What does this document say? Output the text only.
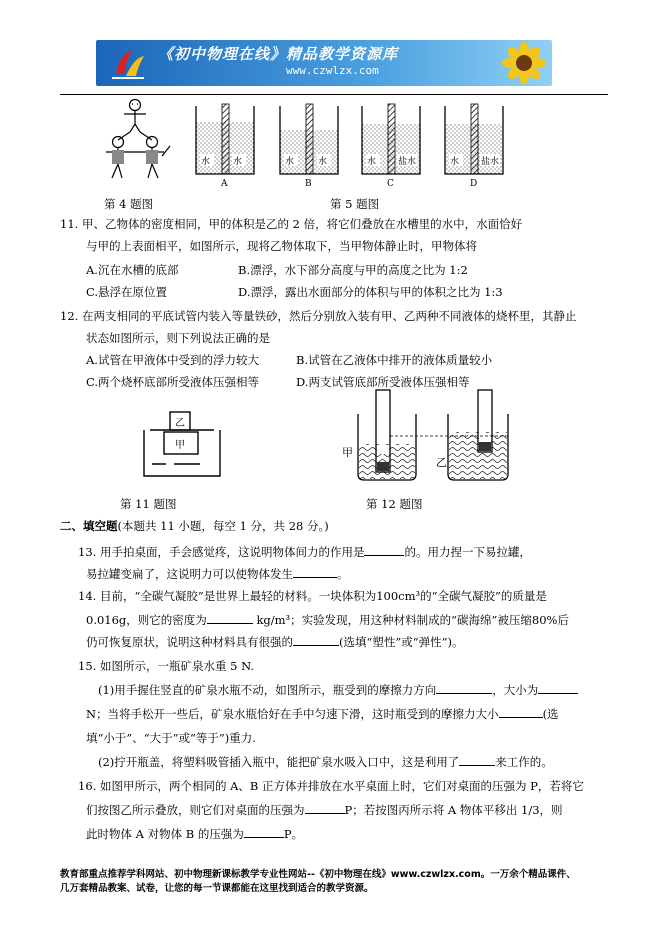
《初中物理在线》精品教学资源库
www.czwlzx.com
水	水	水	水	水 盐水	水 盐水
A	B	C	D
第 4 题图	第 5 题图
11. 甲、乙物体的密度相同，甲的体积是乙的 2 倍，将它们叠放在水槽里的水中，水面恰好
与甲的上表面相平，如图所示，现将乙物体取下，当甲物体静止时，甲物体将
A.沉在水槽的底部	B.漂浮，水下部分高度与甲的高度之比为 1:2
C.悬浮在原位置	D.漂浮，露出水面部分的体积与甲的体积之比为 1:3
12. 在两支相同的平底试管内装入等量铁砂，然后分别放入装有甲、乙两种不同液体的烧杯里，其静止
状态如图所示，则下列说法正确的是
A.试管在甲液体中受到的浮力较大	B.试管在乙液体中排开的液体质量较小
C.两个烧杯底部所受液体压强相等	D.两支试管底部所受液体压强相等
乙
甲
甲
乙
第 11 题图	第 12 题图
二、填空题(本题共 11 小题，每空 1 分，共 28 分。)
13. 用手拍桌面，手会感觉疼，这说明物体间力的作用是	的。用力捏一下易拉罐，
易拉罐变扁了，这说明力可以使物体发生	。
14. 目前，“全碳气凝胶”是世界上最轻的材料。一块体积为100cm³的“全碳气凝胶”的质量是
0.016g，则它的密度为	kg/m³；实验发现，用这种材料制成的“碳海绵”被压缩80%后
仍可恢复原状，说明这种材料具有很强的	(选填“塑性”或“弹性”)。
15. 如图所示，一瓶矿泉水重 5 N.
(1)用手握住竖直的矿泉水瓶不动，如图所示，瓶受到的摩擦力方向	，大小为
N；当将手松开一些后，矿泉水瓶恰好在手中匀速下滑，这时瓶受到的摩擦力大小	(选
填“小于”、“大于”或“等于”)重力.
(2)拧开瓶盖，将塑料吸管插入瓶中，能把矿泉水吸入口中，这是利用了	来工作的。
16. 如图甲所示，两个相同的 A、B 正方体并排放在水平桌面上时，它们对桌面的压强为 P，若将它
们按图乙所示叠放，则它们对桌面的压强为	P；若按图丙所示将 A 物体平移出 1/3，则
此时物体 A 对物体 B 的压强为	P。
教育部重点推荐学科网站、初中物理新课标教学专业性网站--《初中物理在线》www.czwlzx.com。一万余个精品课件、
几万套精品教案、试卷，让您的每一节课都能在这里找到适合的教学资源。
